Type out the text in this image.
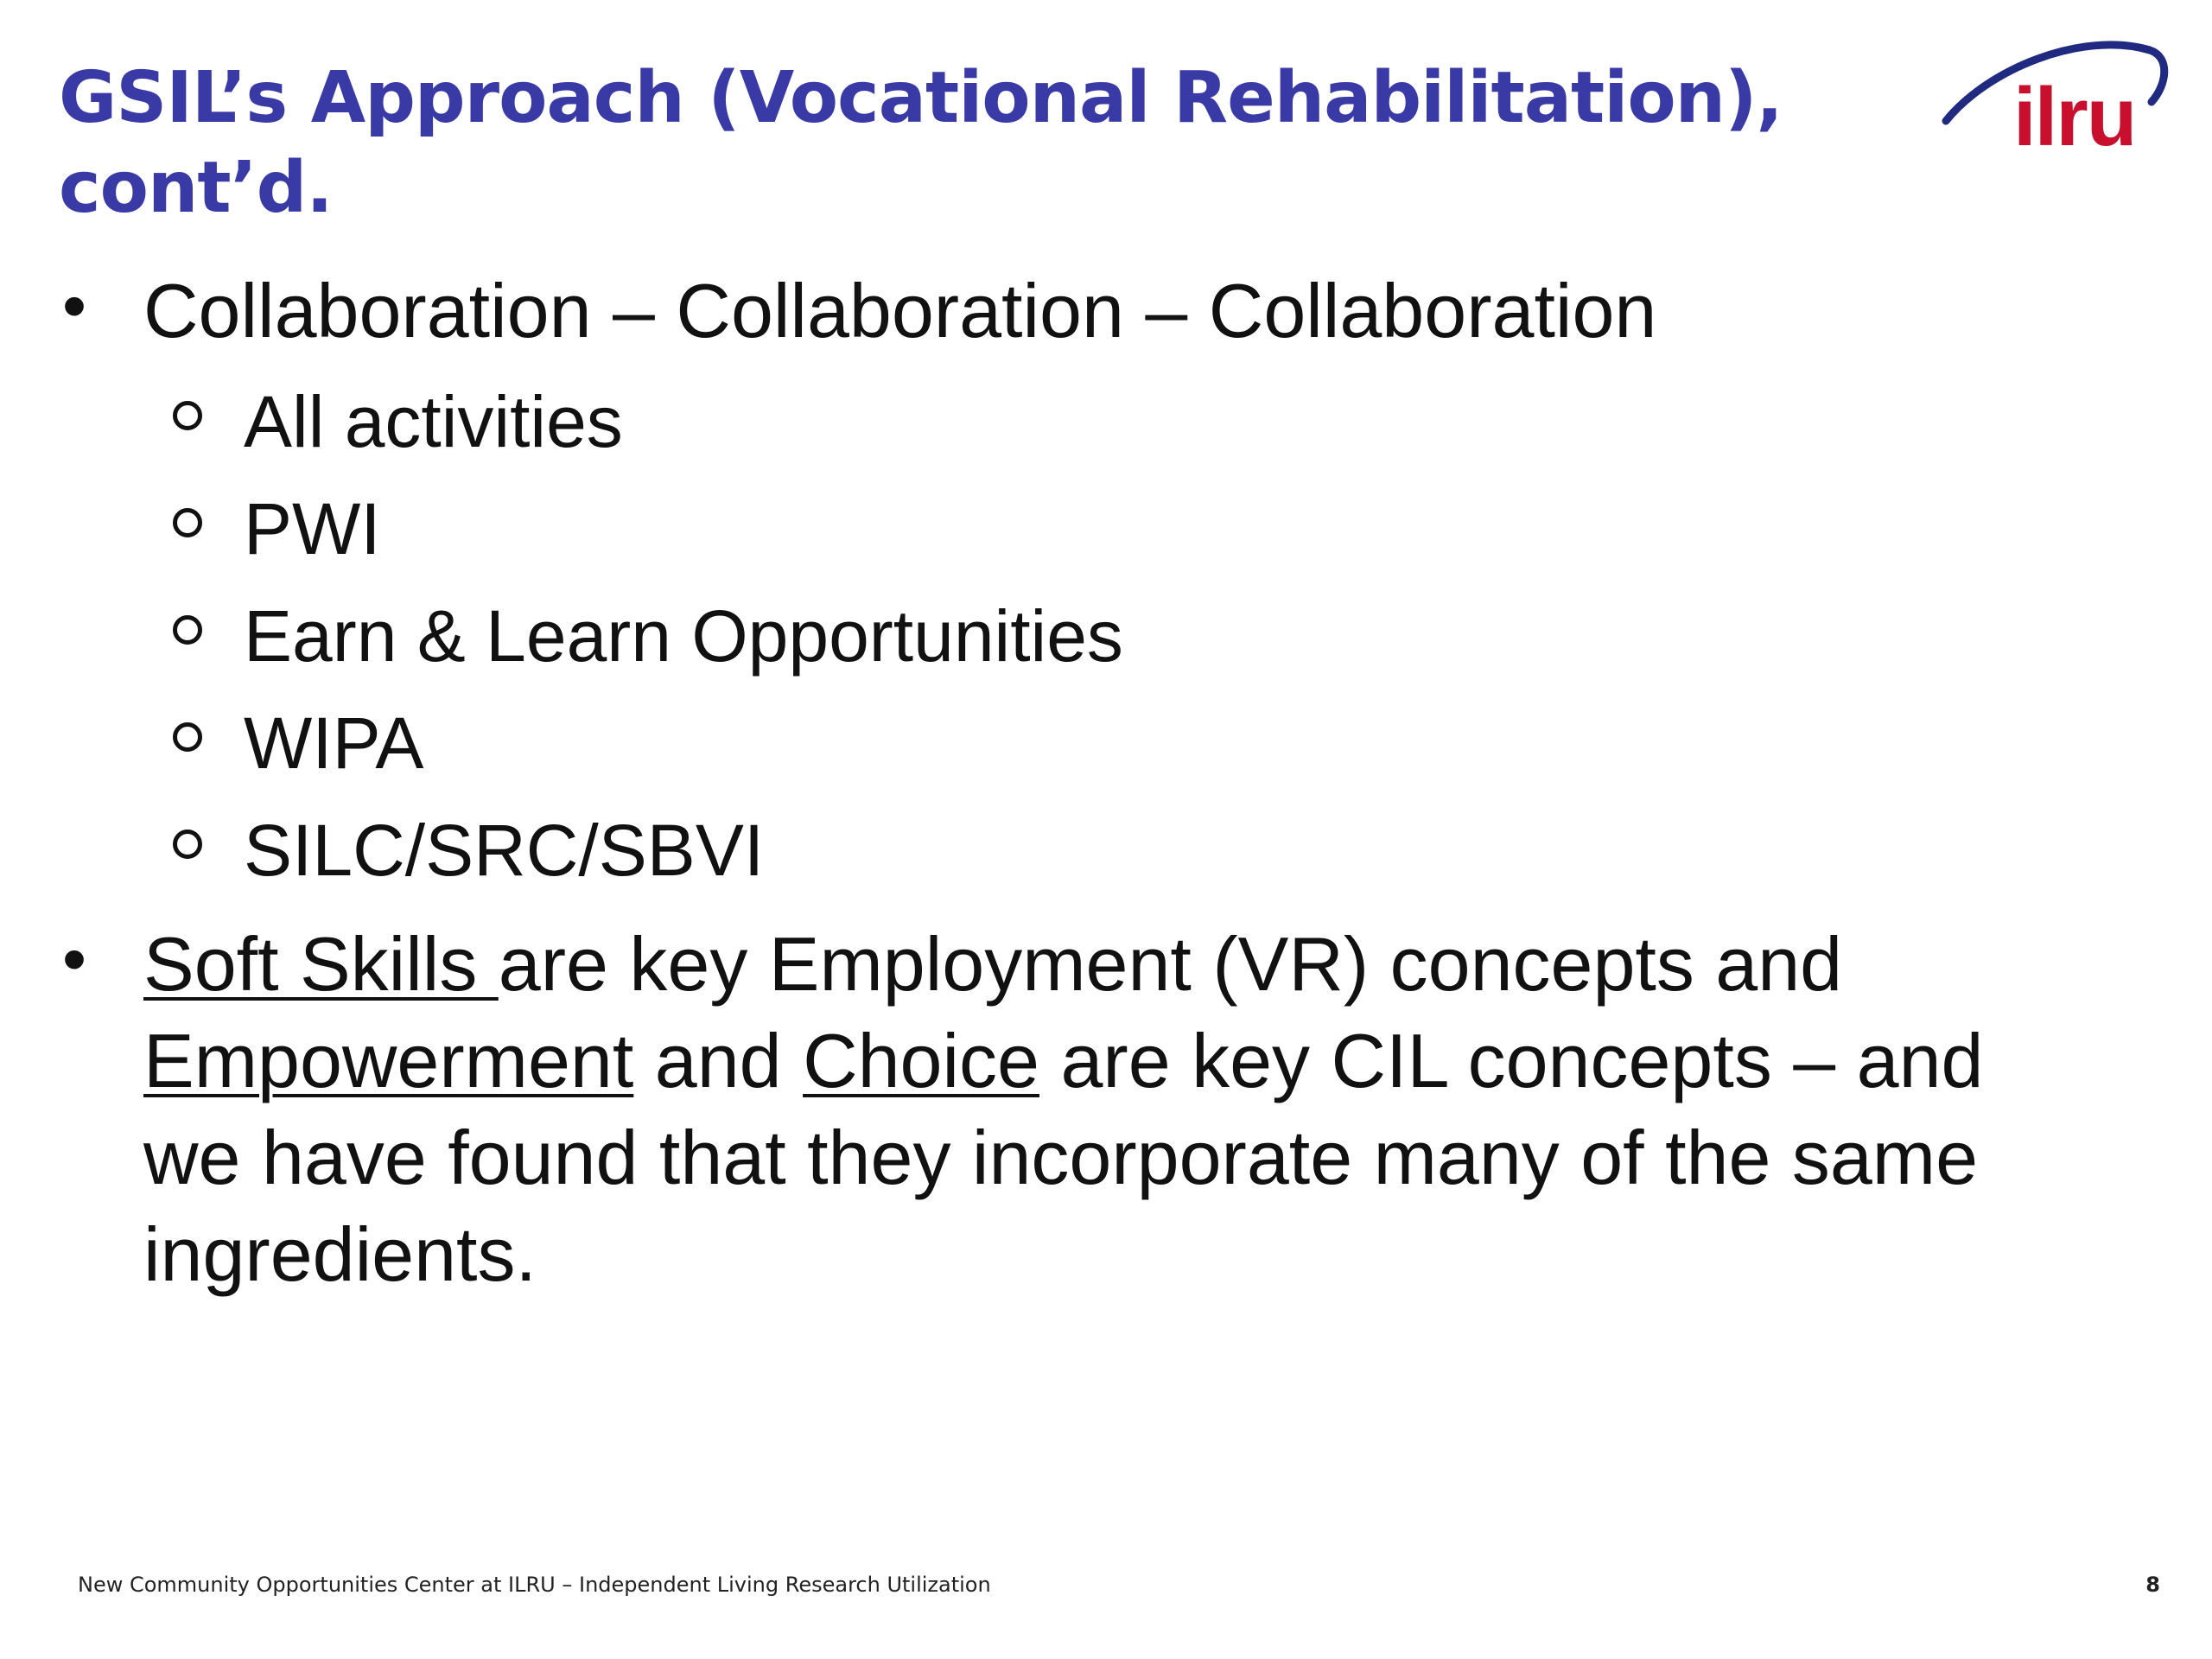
GSIL’s Approach (Vocational Rehabilitation),
cont’d.
ilru
• Collaboration – Collaboration – Collaboration
All activities
PWI
Earn & Learn Opportunities
WIPA
SILC/SRC/SBVI
• Soft Skills are key Employment (VR) concepts and
Empowerment and Choice are key CIL concepts – and
we have found that they incorporate many of the same
ingredients.
New Community Opportunities Center at ILRU – Independent Living Research Utilization	8
